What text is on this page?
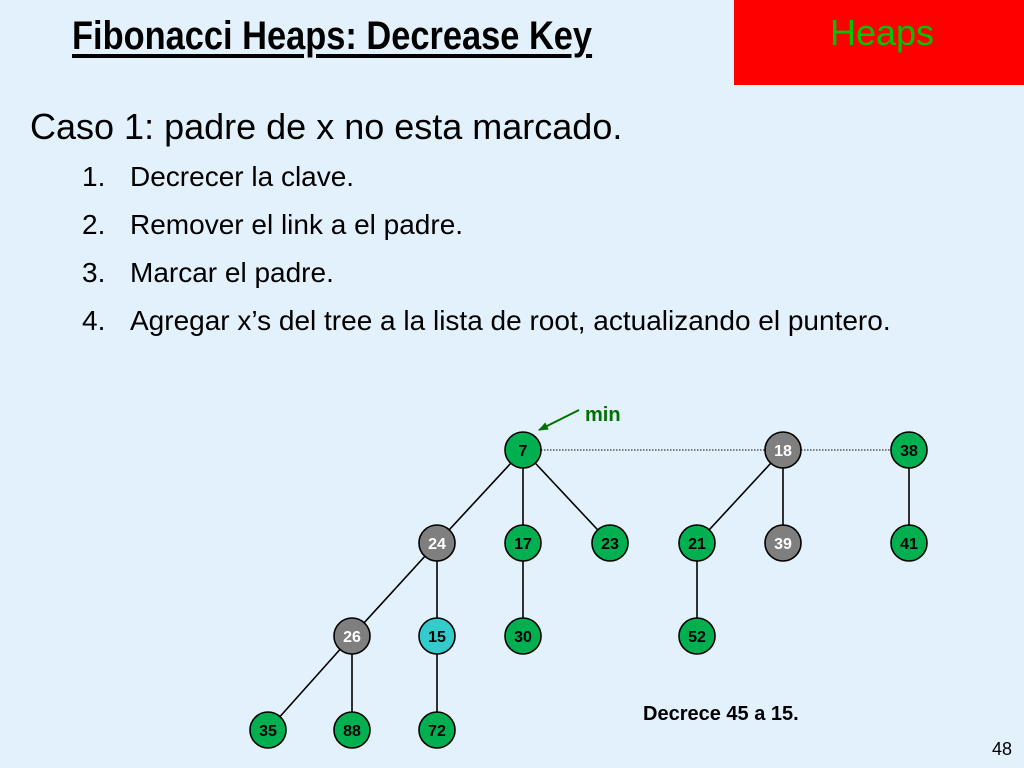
Heaps
Fibonacci Heaps: Decrease Key
Caso 1: padre de x no esta marcado.
1. Decrecer la clave.
2. Remover el link a el padre.
3. Marcar el padre.
4. Agregar x’s del tree a la lista de root, actualizando el puntero.
7	18	38
24	17	23	21	39	41
26	15	30	52
35	88	72
min
Decrece 45 a 15.
48
